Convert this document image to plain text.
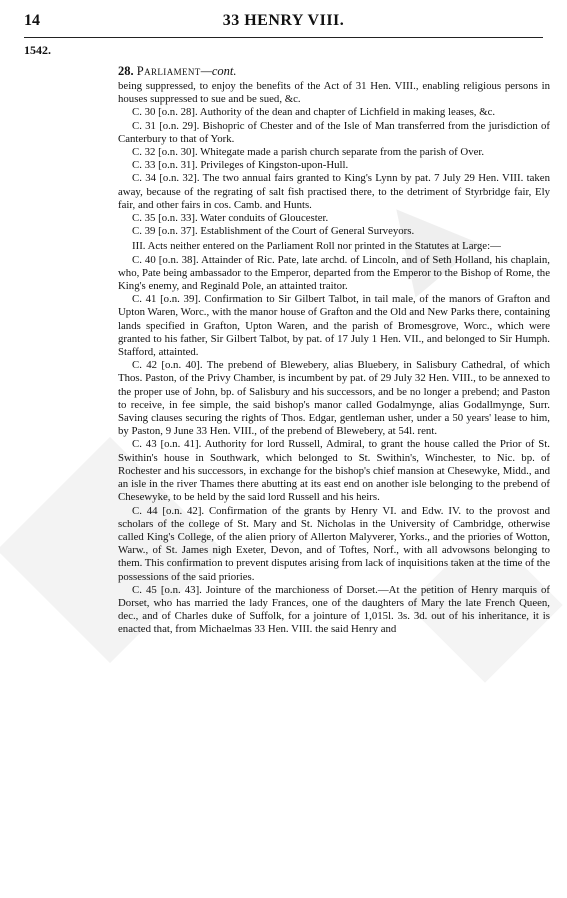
14	33 HENRY VIII.
1542.
28. Parliament—cont.

being suppressed, to enjoy the benefits of the Act of 31 Hen. VIII., enabling religious persons in houses suppressed to sue and be sued, &c.

C. 30 [o.n. 28]. Authority of the dean and chapter of Lichfield in making leases, &c.

C. 31 [o.n. 29]. Bishopric of Chester and of the Isle of Man transferred from the jurisdiction of Canterbury to that of York.

C. 32 [o.n. 30]. Whitegate made a parish church separate from the parish of Over.

C. 33 [o.n. 31]. Privileges of Kingston-upon-Hull.

C. 34 [o.n. 32]. The two annual fairs granted to King's Lynn by pat. 7 July 29 Hen. VIII. taken away, because of the regrating of salt fish practised there, to the detriment of Styrbridge fair, Ely fair, and other fairs in cos. Camb. and Hunts.

C. 35 [o.n. 33]. Water conduits of Gloucester.

C. 39 [o.n. 37]. Establishment of the Court of General Surveyors.

III. Acts neither entered on the Parliament Roll nor printed in the Statutes at Large:—

C. 40 [o.n. 38]. Attainder of Ric. Pate, late archd. of Lincoln, and of Seth Holland, his chaplain, who, Pate being ambassador to the Emperor, departed from the Emperor to the Bishop of Rome, the King's enemy, and Reginald Pole, an attainted traitor.

C. 41 [o.n. 39]. Confirmation to Sir Gilbert Talbot, in tail male, of the manors of Grafton and Upton Waren, Worc., with the manor house of Grafton and the Old and New Parks there, containing lands specified in Grafton, Upton Waren, and the parish of Bromesgrove, Worc., which were granted to his father, Sir Gilbert Talbot, by pat. of 17 July 1 Hen. VII., and belonged to Sir Humph. Stafford, attainted.

C. 42 [o.n. 40]. The prebend of Blewebery, alias Bluebery, in Salisbury Cathedral, of which Thos. Paston, of the Privy Chamber, is incumbent by pat. of 29 July 32 Hen. VIII., to be annexed to the proper use of John, bp. of Salisbury and his successors, and be no longer a prebend; and Paston to receive, in fee simple, the said bishop's manor called Godalmynge, alias Godallmynge, Surr. Saving clauses securing the rights of Thos. Edgar, gentleman usher, under a 50 years' lease to him, by Paston, 9 June 33 Hen. VIII., of the prebend of Blewebery, at 54l. rent.

C. 43 [o.n. 41]. Authority for lord Russell, Admiral, to grant the house called the Prior of St. Swithin's house in Southwark, which belonged to St. Swithin's, Winchester, to Nic. bp. of Rochester and his successors, in exchange for the bishop's chief mansion at Chesewyke, Midd., and an isle in the river Thames there abutting at its east end on another isle belonging to the prebend of Chesewyke, to be held by the said lord Russell and his heirs.

C. 44 [o.n. 42]. Confirmation of the grants by Henry VI. and Edw. IV. to the provost and scholars of the college of St. Mary and St. Nicholas in the University of Cambridge, otherwise called King's College, of the alien priory of Allerton Malyverer, Yorks., and the priories of Wotton, Warw., of St. James nigh Exeter, Devon, and of Toftes, Norf., with all advowsons belonging to them. This confirmation to prevent disputes arising from lack of inquisitions taken at the time of the possessions of the said priories.

C. 45 [o.n. 43]. Jointure of the marchioness of Dorset.—At the petition of Henry marquis of Dorset, who has married the lady Frances, one of the daughters of Mary the late French Queen, dec., and of Charles duke of Suffolk, for a jointure of 1,015l. 3s. 3d. out of his inheritance, it is enacted that, from Michaelmas 33 Hen. VIII. the said Henry and
